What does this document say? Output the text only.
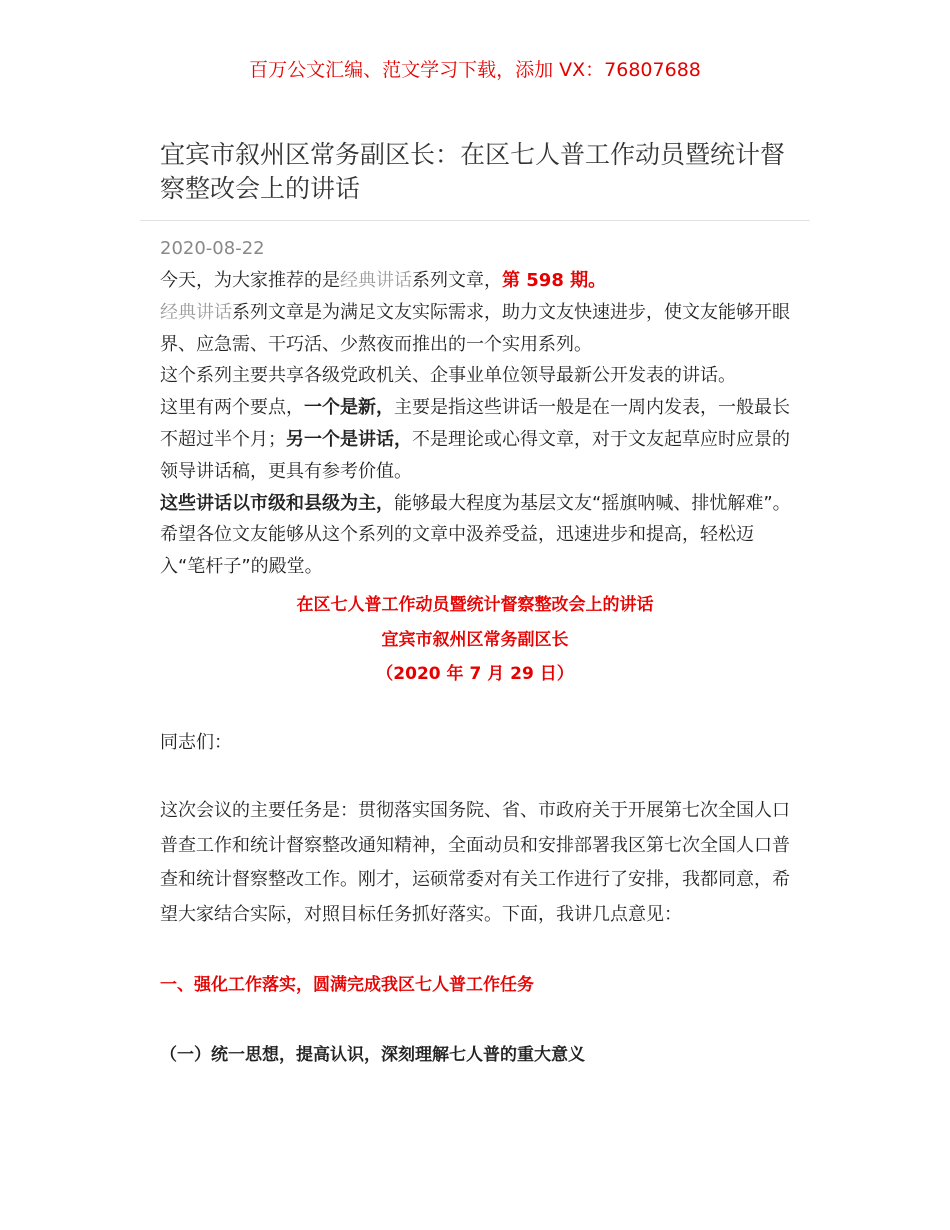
百万公文汇编、范文学习下载，添加 VX：76807688
宜宾市叙州区常务副区长：在区七人普工作动员暨统计督察整改会上的讲话
2020-08-22

今天，为大家推荐的是经典讲话系列文章，第 598 期。

经典讲话系列文章是为满足文友实际需求，助力文友快速进步，使文友能够开眼界、应急需、干巧活、少熬夜而推出的一个实用系列。

这个系列主要共享各级党政机关、企事业单位领导最新公开发表的讲话。

这里有两个要点，一个是新，主要是指这些讲话一般是在一周内发表，一般最长不超过半个月；另一个是讲话，不是理论或心得文章，对于文友起草应时应景的领导讲话稿，更具有参考价值。

这些讲话以市级和县级为主，能够最大程度为基层文友“摇旗呐喊、排忧解难”。希望各位文友能够从这个系列的文章中汲养受益，迅速进步和提高，轻松迈入“笔杆子”的殿堂。

在区七人普工作动员暨统计督察整改会上的讲话
宜宾市叙州区常务副区长
（2020 年 7 月 29 日）
同志们：
这次会议的主要任务是：贯彻落实国务院、省、市政府关于开展第七次全国人口普查工作和统计督察整改通知精神，全面动员和安排部署我区第七次全国人口普查和统计督察整改工作。刚才，运硕常委对有关工作进行了安排，我都同意，希望大家结合实际，对照目标任务抓好落实。下面，我讲几点意见：
一、强化工作落实，圆满完成我区七人普工作任务
（一）统一思想，提高认识，深刻理解七人普的重大意义
